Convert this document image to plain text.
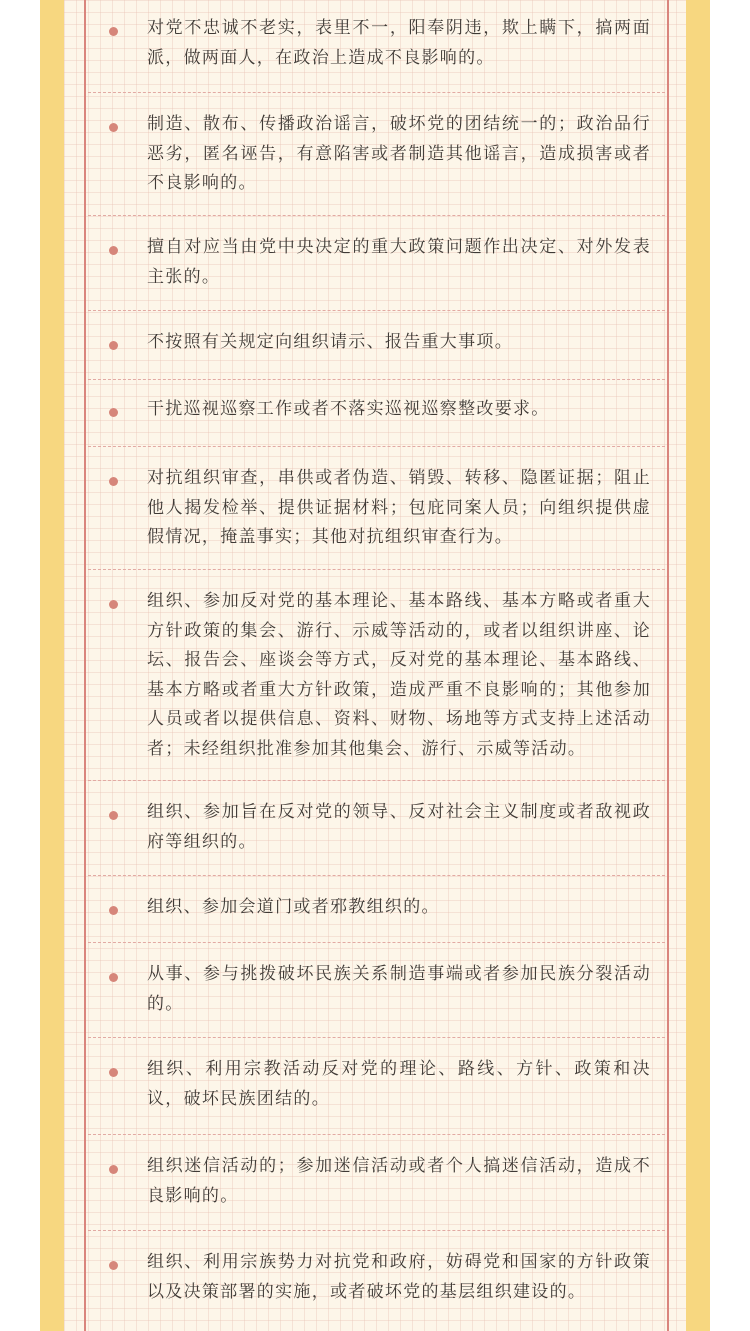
对党不忠诚不老实，表里不一，阳奉阴违，欺上瞒下，搞两面派，做两面人，在政治上造成不良影响的。

制造、散布、传播政治谣言，破坏党的团结统一的；政治品行恶劣，匿名诬告，有意陷害或者制造其他谣言，造成损害或者不良影响的。

擅自对应当由党中央决定的重大政策问题作出决定、对外发表主张的。

不按照有关规定向组织请示、报告重大事项。

干扰巡视巡察工作或者不落实巡视巡察整改要求。

对抗组织审查，串供或者伪造、销毁、转移、隐匿证据；阻止他人揭发检举、提供证据材料；包庇同案人员；向组织提供虚假情况，掩盖事实；其他对抗组织审查行为。

组织、参加反对党的基本理论、基本路线、基本方略或者重大方针政策的集会、游行、示威等活动的，或者以组织讲座、论坛、报告会、座谈会等方式，反对党的基本理论、基本路线、基本方略或者重大方针政策，造成严重不良影响的；其他参加人员或者以提供信息、资料、财物、场地等方式支持上述活动者；未经组织批准参加其他集会、游行、示威等活动。

组织、参加旨在反对党的领导、反对社会主义制度或者敌视政府等组织的。

组织、参加会道门或者邪教组织的。

从事、参与挑拨破坏民族关系制造事端或者参加民族分裂活动的。

组织、利用宗教活动反对党的理论、路线、方针、政策和决议，破坏民族团结的。

组织迷信活动的；参加迷信活动或者个人搞迷信活动，造成不良影响的。

组织、利用宗族势力对抗党和政府，妨碍党和国家的方针政策以及决策部署的实施，或者破坏党的基层组织建设的。
